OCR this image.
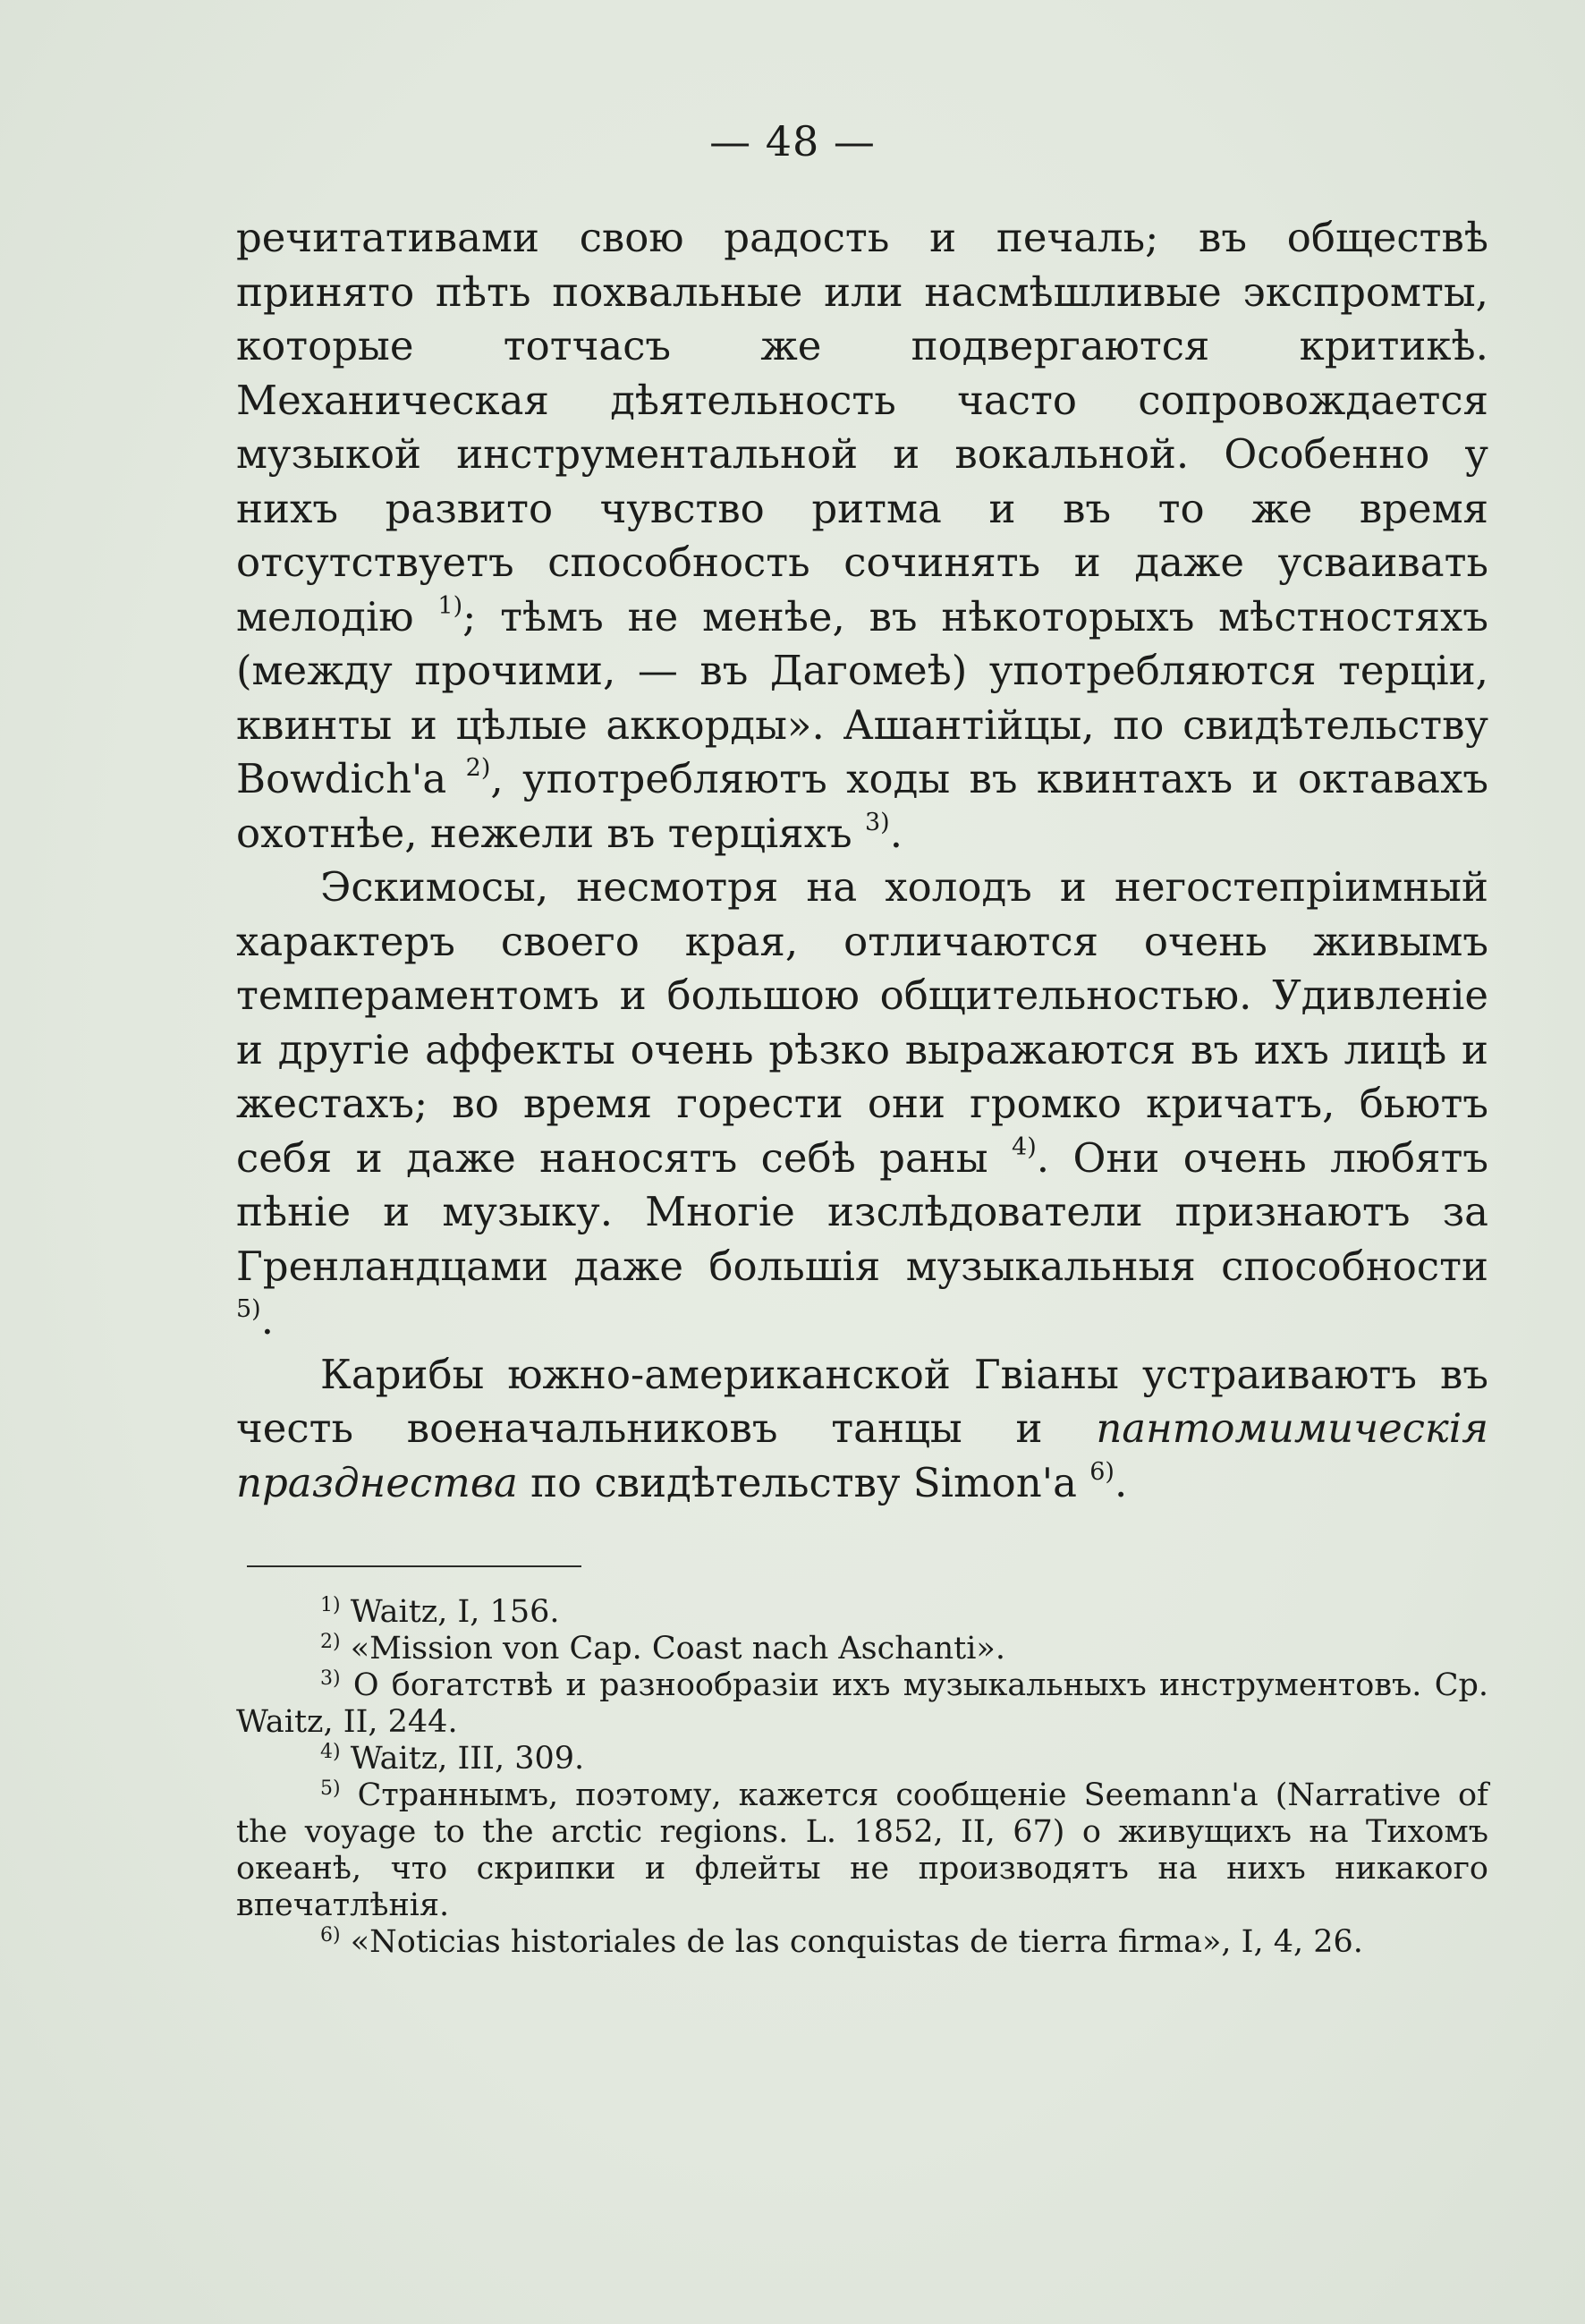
— 48 —

речитативами свою радость и печаль; въ обществѣ принято пѣть похвальные или насмѣшливые экспромты, которые тотчасъ же подвергаются критикѣ. Механическая дѣятельность часто сопровождается музыкой инструментальной и вокальной. Особенно у нихъ развито чувство ритма и въ то же время отсутствуетъ способность сочинять и даже усваивать мелодію $^{1)}$; тѣмъ не менѣе, въ нѣкоторыхъ мѣстностяхъ (между прочими, — въ Дагомеѣ) употребляются терціи, квинты и цѣлые аккорды». Ашантійцы, по свидѣтельству Bowdich'a $^{2)}$, употребляютъ ходы въ квинтахъ и октавахъ охотнѣе, нежели въ терціяхъ $^{3)}$.

Эскимосы, несмотря на холодъ и негостепріимный характеръ своего края, отличаются очень живымъ темпераментомъ и большою общительностью. Удивленіе и другіе аффекты очень рѣзко выражаются въ ихъ лицѣ и жестахъ; во время горести они громко кричатъ, бьютъ себя и даже наносятъ себѣ раны $^{4)}$. Они очень любятъ пѣніе и музыку. Многіе изслѣдователи признаютъ за Гренландцами даже большія музыкальныя способности $^{5)}$.

Карибы южно-американской Гвіаны устраиваютъ въ честь военачальниковъ танцы и пантомимическія празднества по свидѣтельству Simon'a $^{6)}$.

$^{1)}$ Waitz, I, 156.

$^{2)}$ «Mission von Cap. Coast nach Aschanti».

$^{3)}$ О богатствѣ и разнообразіи ихъ музыкальныхъ инструментовъ. Ср. Waitz, II, 244.

$^{4)}$ Waitz, III, 309.

$^{5)}$ Страннымъ, поэтому, кажется сообщеніе Seemann'a (Narrative of the voyage to the arctic regions. L. 1852, II, 67) о живущихъ на Тихомъ океанѣ, что скрипки и флейты не производятъ на нихъ никакого впечатлѣнія.

$^{6)}$ «Noticias historiales de las conquistas de tierra firma», I, 4, 26.
